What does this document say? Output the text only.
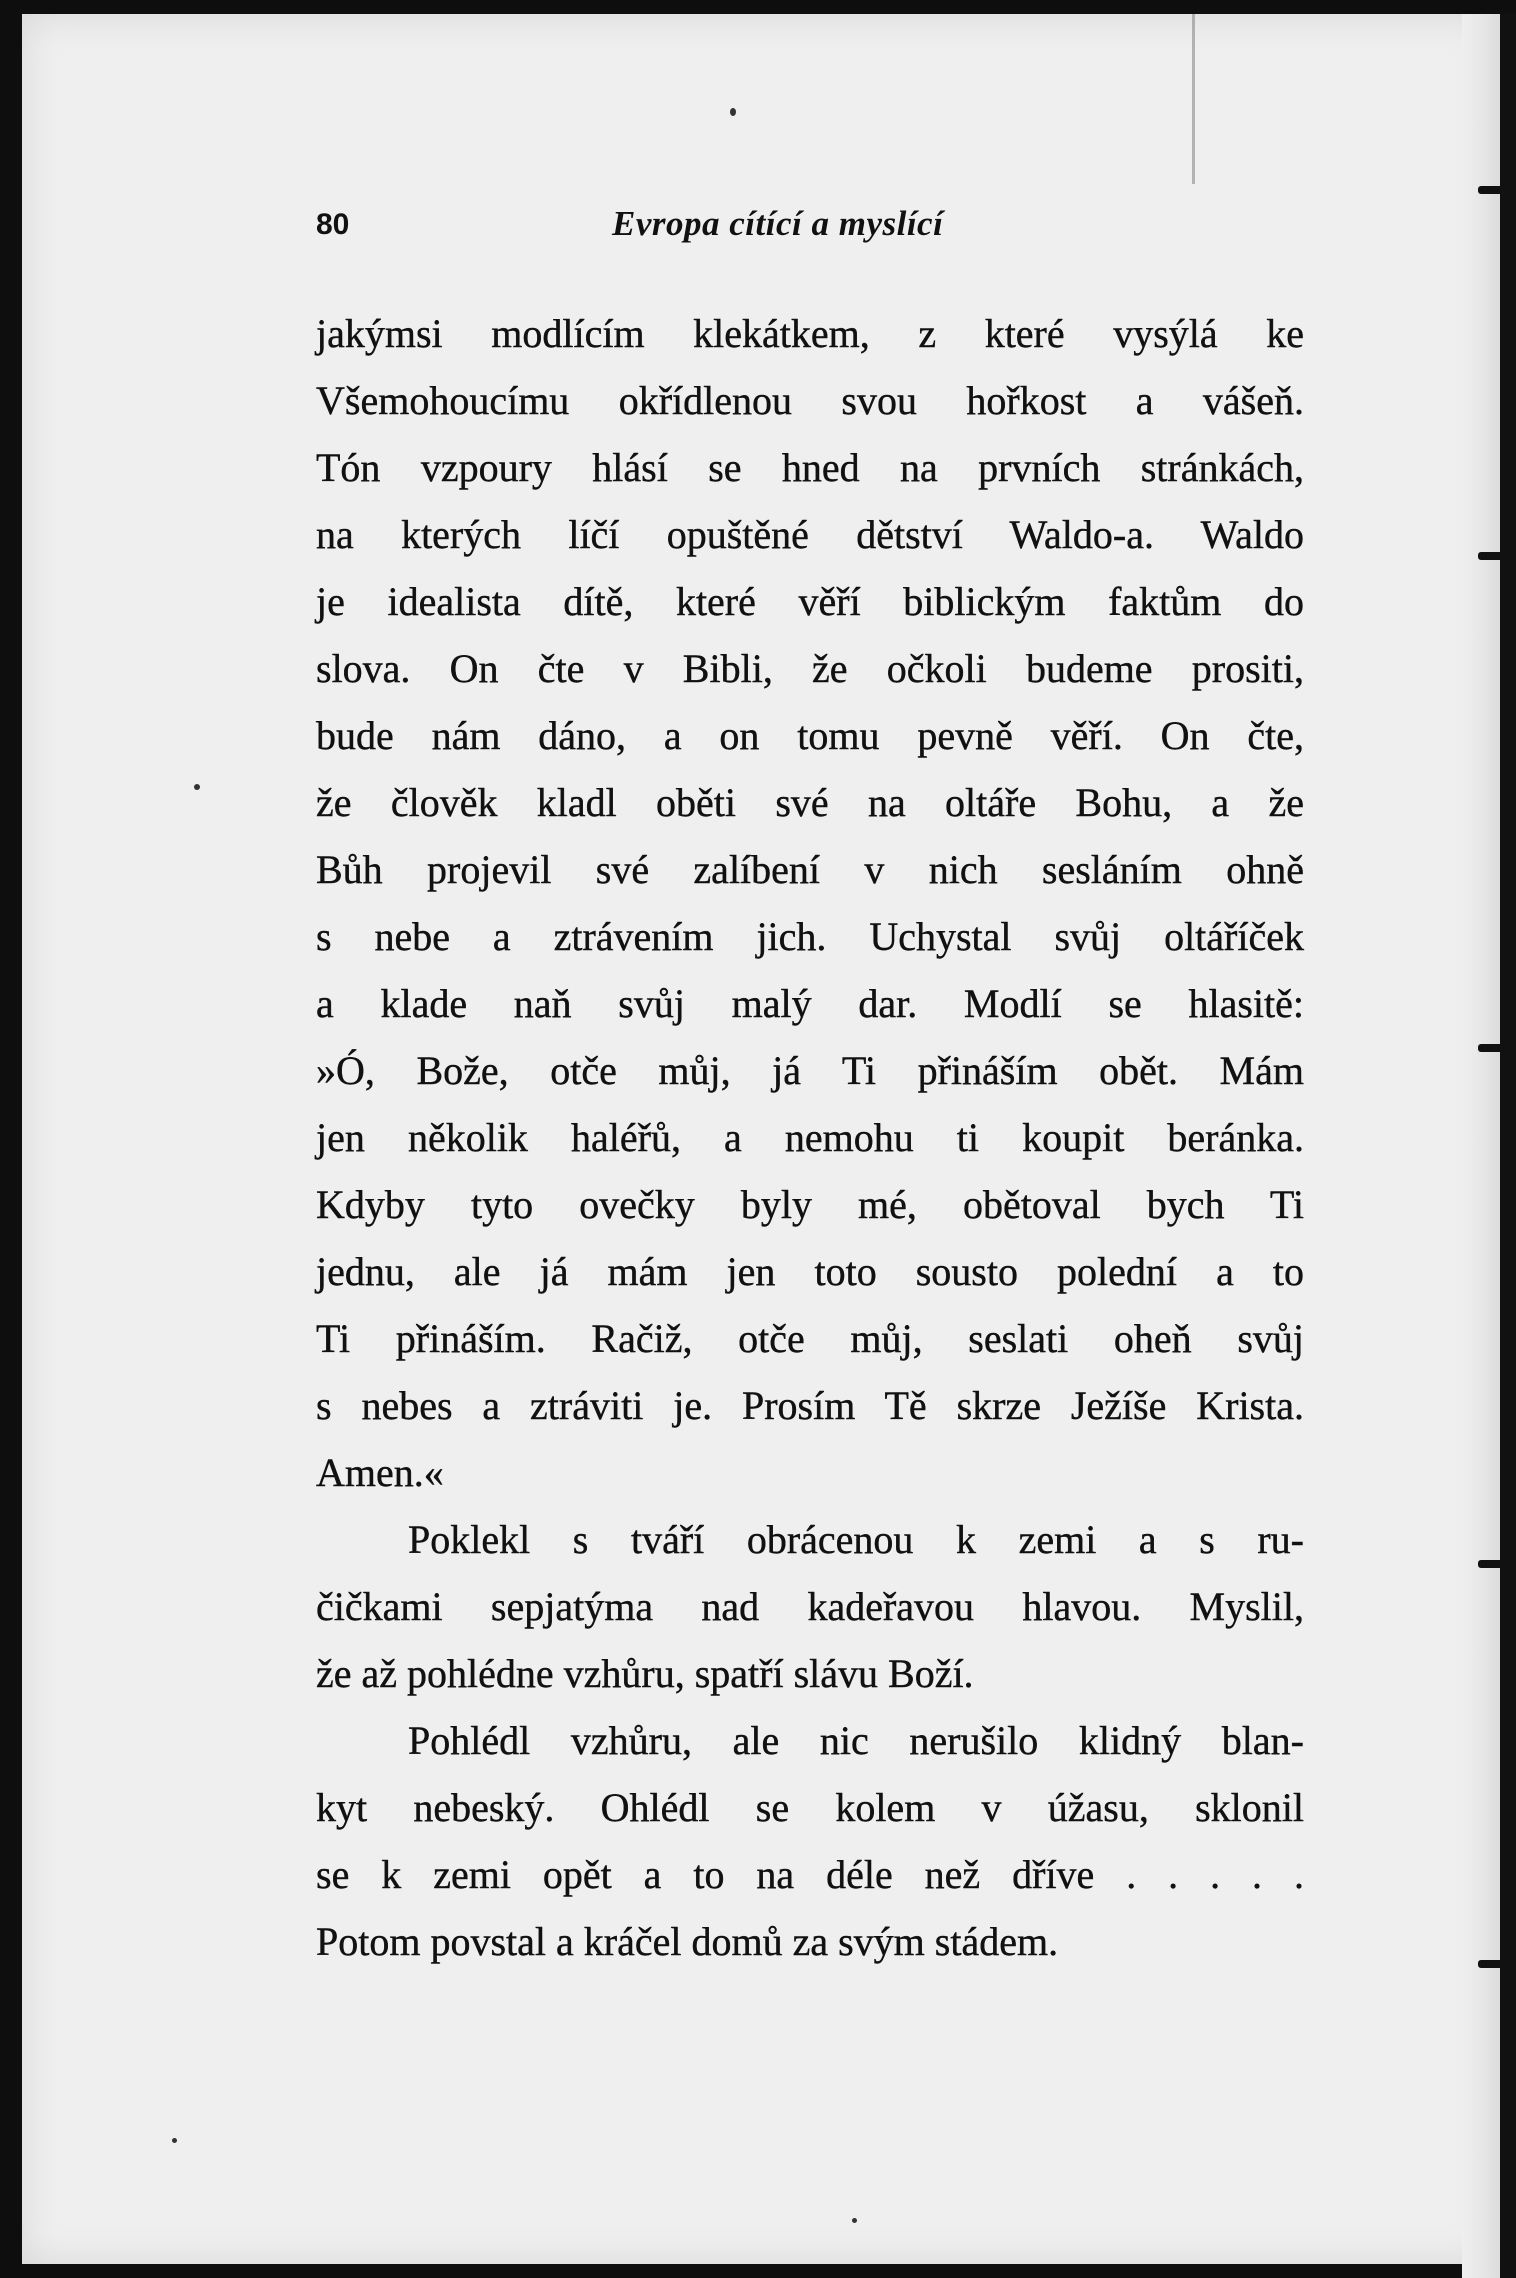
80	Evropa cítící a myslící
jakýmsi modlícím klekátkem, z které vysýlá ke
Všemohoucímu okřídlenou svou hořkost a vášeň.
Tón vzpoury hlásí se hned na prvních stránkách,
na kterých líčí opuštěné dětství Waldo-a. Waldo
je idealista dítě, které věří biblickým faktům do
slova. On čte v Bibli, že očkoli budeme prositi,
bude nám dáno, a on tomu pevně věří. On čte,
že člověk kladl oběti své na oltáře Bohu, a že
Bůh projevil své zalíbení v nich sesláním ohně
s nebe a ztrávením jich. Uchystal svůj oltáříček
a klade naň svůj malý dar. Modlí se hlasitě:
»Ó, Bože, otče můj, já Ti přináším obět. Mám
jen několik haléřů, a nemohu ti koupit beránka.
Kdyby tyto ovečky byly mé, obětoval bych Ti
jednu, ale já mám jen toto sousto polední a to
Ti přináším. Račiž, otče můj, seslati oheň svůj
s nebes a ztráviti je. Prosím Tě skrze Ježíše Krista.
Amen.«
Poklekl s tváří obrácenou k zemi a s ru-
čičkami sepjatýma nad kadeřavou hlavou. Myslil,
že až pohlédne vzhůru, spatří slávu Boží.
Pohlédl vzhůru, ale nic nerušilo klidný blan-
kyt nebeský. Ohlédl se kolem v úžasu, sklonil
se k zemi opět a to na déle než dříve . . . . .
Potom povstal a kráčel domů za svým stádem.
